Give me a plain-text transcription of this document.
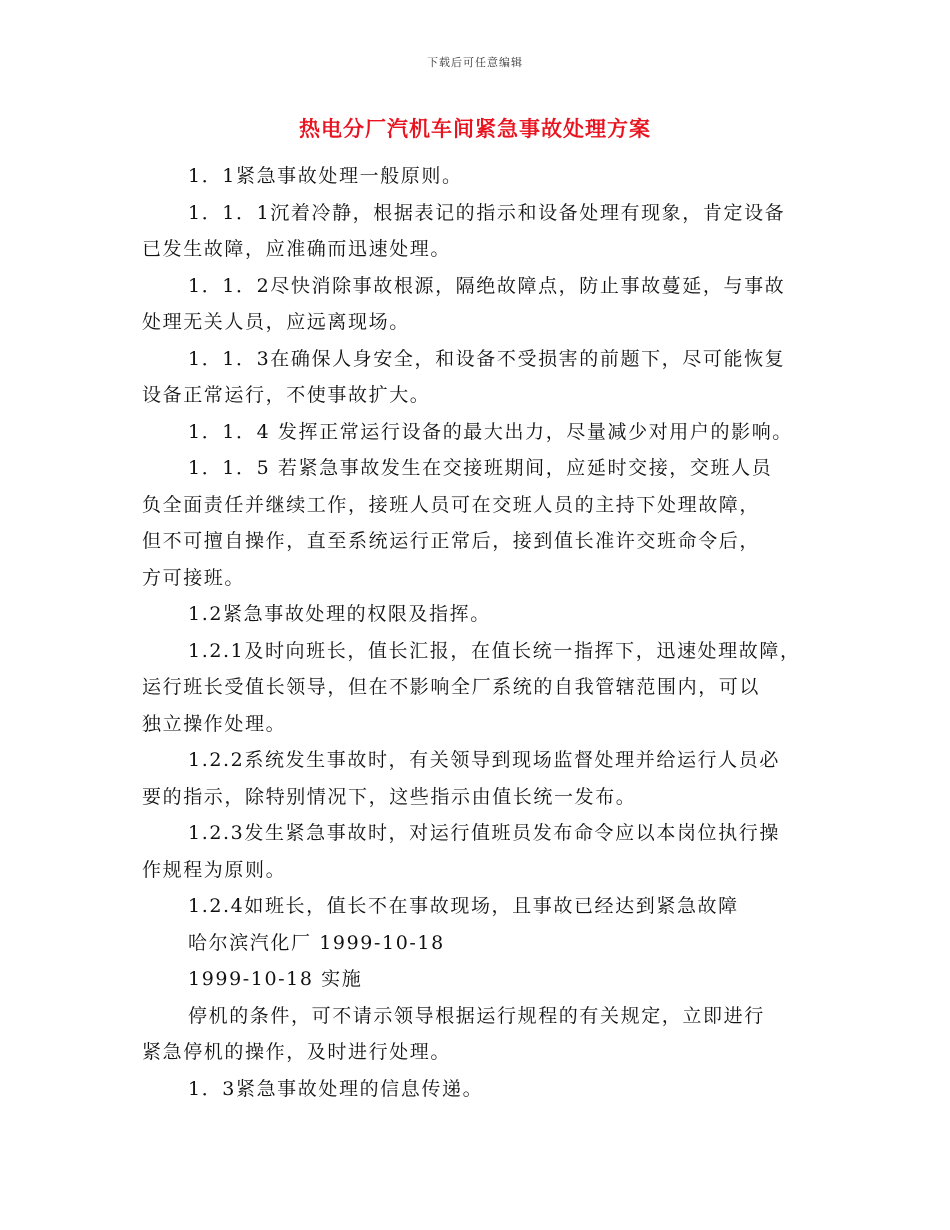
下载后可任意编辑
热电分厂汽机车间紧急事故处理方案
1．1紧急事故处理一般原则。
1．1．1沉着冷静，根据表记的指示和设备处理有现象，肯定设备
已发生故障，应准确而迅速处理。
1．1．2尽快消除事故根源，隔绝故障点，防止事故蔓延，与事故
处理无关人员，应远离现场。
1．1．3在确保人身安全，和设备不受损害的前题下，尽可能恢复
设备正常运行，不使事故扩大。
1．1．4 发挥正常运行设备的最大出力，尽量减少对用户的影响。
1．1．5 若紧急事故发生在交接班期间，应延时交接，交班人员
负全面责任并继续工作，接班人员可在交班人员的主持下处理故障，
但不可擅自操作，直至系统运行正常后，接到值长准许交班命令后，
方可接班。
1.2紧急事故处理的权限及指挥。
1.2.1及时向班长，值长汇报，在值长统一指挥下，迅速处理故障，
运行班长受值长领导，但在不影响全厂系统的自我管辖范围内，可以
独立操作处理。
1.2.2系统发生事故时，有关领导到现场监督处理并给运行人员必
要的指示，除特别情况下，这些指示由值长统一发布。
1.2.3发生紧急事故时，对运行值班员发布命令应以本岗位执行操
作规程为原则。
1.2.4如班长，值长不在事故现场，且事故已经达到紧急故障
哈尔滨汽化厂 1999-10-18
1999-10-18 实施
停机的条件，可不请示领导根据运行规程的有关规定，立即进行
紧急停机的操作，及时进行处理。
1．3紧急事故处理的信息传递。
